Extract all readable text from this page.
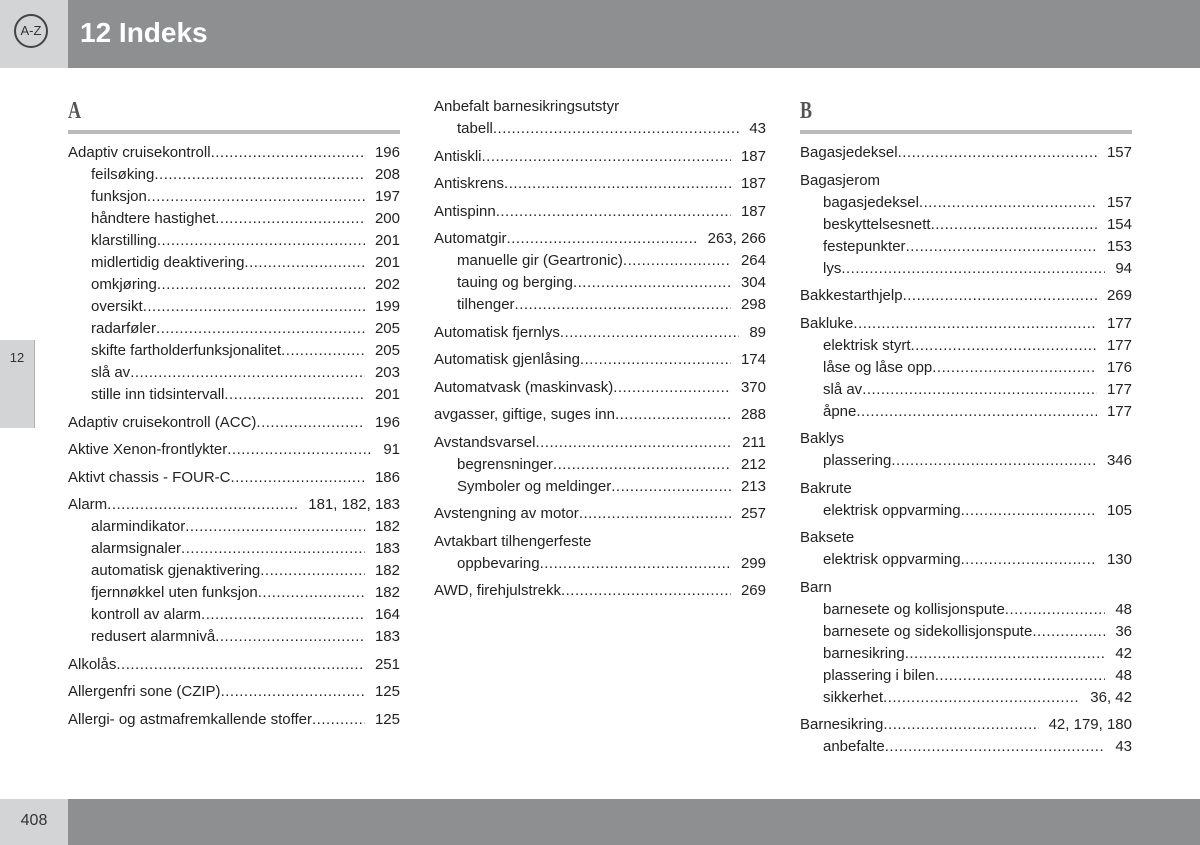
A-Z 12 Indeks
12
A
Adaptiv cruisekontroll .....	196
feilsøking .....	208
funksjon .....	197
håndtere hastighet .....	200
klarstilling .....	201
midlertidig deaktivering .....	201
omkjøring .....	202
oversikt .....	199
radarføler .....	205
skifte fartholderfunksjonalitet .....	205
slå av .....	203
stille inn tidsintervall .....	201
Adaptiv cruisekontroll (ACC) .....	196
Aktive Xenon-frontlykter .....	91
Aktivt chassis - FOUR-C .....	186
Alarm .....	181, 182, 183
alarmindikator .....	182
alarmsignaler .....	183
automatisk gjenaktivering .....	182
fjernnøkkel uten funksjon .....	182
kontroll av alarm .....	164
redusert alarmnivå .....	183
Alkolås .....	251
Allergenfri sone (CZIP) .....	125
Allergi- og astmafremkallende stoffer .....	125
Anbefalt barnesikringsutstyr
tabell .....	43
Antiskli .....	187
Antiskrens .....	187
Antispinn .....	187
Automatgir .....	263, 266
manuelle gir (Geartronic) .....	264
tauing og berging .....	304
tilhenger .....	298
Automatisk fjernlys .....	89
Automatisk gjenlåsing .....	174
Automatvask (maskinvask) .....	370
avgasser, giftige, suges inn .....	288
Avstandsvarsel .....	211
begrensninger .....	212
Symboler og meldinger .....	213
Avstengning av motor .....	257
Avtakbart tilhengerfeste
oppbevaring .....	299
AWD, firehjulstrekk .....	269
B
Bagasjedeksel .....	157
Bagasjerom
bagasjedeksel .....	157
beskyttelsesnett .....	154
festepunkter .....	153
lys .....	94
Bakkestarthjelp .....	269
Bakluke .....	177
elektrisk styrt .....	177
låse og låse opp .....	176
slå av .....	177
åpne .....	177
Baklys
plassering .....	346
Bakrute
elektrisk oppvarming .....	105
Baksete
elektrisk oppvarming .....	130
Barn
barnesete og kollisjonspute .....	48
barnesete og sidekollisjonspute .....	36
barnesikring .....	42
plassering i bilen .....	48
sikkerhet .....	36, 42
Barnesikring .....	42, 179, 180
anbefalte .....	43
408
